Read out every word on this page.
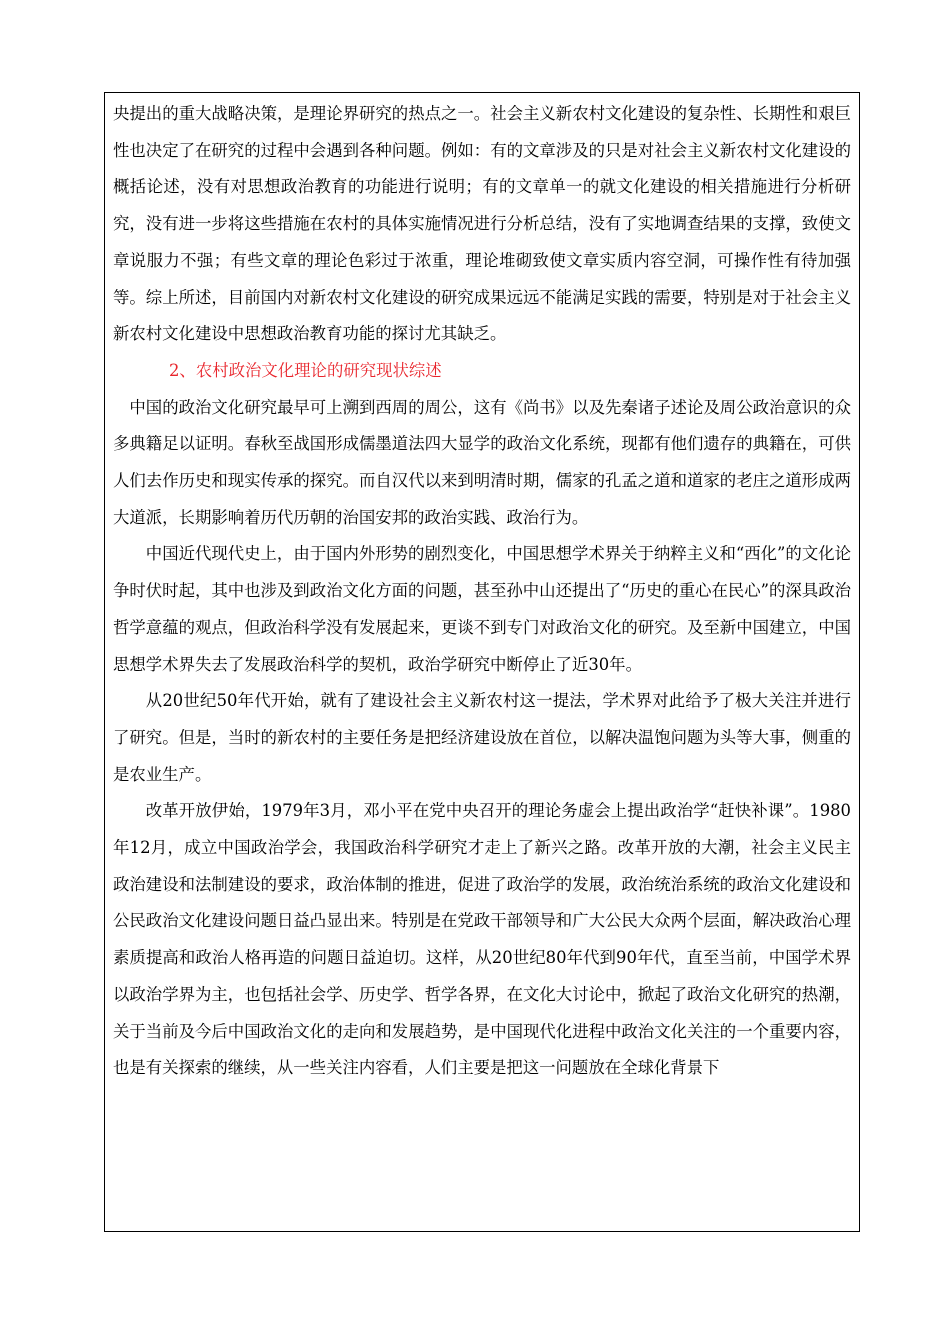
央提出的重大战略决策，是理论界研究的热点之一。社会主义新农村文化建设的复杂性、长期性和艰巨性也决定了在研究的过程中会遇到各种问题。例如：有的文章涉及的只是对社会主义新农村文化建设的概括论述，没有对思想政治教育的功能进行说明；有的文章单一的就文化建设的相关措施进行分析研究，没有进一步将这些措施在农村的具体实施情况进行分析总结，没有了实地调查结果的支撑，致使文章说服力不强；有些文章的理论色彩过于浓重，理论堆砌致使文章实质内容空洞，可操作性有待加强等。综上所述，目前国内对新农村文化建设的研究成果远远不能满足实践的需要，特别是对于社会主义新农村文化建设中思想政治教育功能的探讨尤其缺乏。

2、农村政治文化理论的研究现状综述

中国的政治文化研究最早可上溯到西周的周公，这有《尚书》以及先秦诸子述论及周公政治意识的众多典籍足以证明。春秋至战国形成儒墨道法四大显学的政治文化系统，现都有他们遗存的典籍在，可供人们去作历史和现实传承的探究。而自汉代以来到明清时期，儒家的孔孟之道和道家的老庄之道形成两大道派，长期影响着历代历朝的治国安邦的政治实践、政治行为。

中国近代现代史上，由于国内外形势的剧烈变化，中国思想学术界关于纳粹主义和“西化”的文化论争时伏时起，其中也涉及到政治文化方面的问题，甚至孙中山还提出了“历史的重心在民心”的深具政治哲学意蕴的观点，但政治科学没有发展起来，更谈不到专门对政治文化的研究。及至新中国建立，中国思想学术界失去了发展政治科学的契机，政治学研究中断停止了近30年。

从20世纪50年代开始，就有了建设社会主义新农村这一提法，学术界对此给予了极大关注并进行了研究。但是，当时的新农村的主要任务是把经济建设放在首位，以解决温饱问题为头等大事，侧重的是农业生产。

改革开放伊始，1979年3月，邓小平在党中央召开的理论务虚会上提出政治学“赶快补课”。1980年12月，成立中国政治学会，我国政治科学研究才走上了新兴之路。改革开放的大潮，社会主义民主政治建设和法制建设的要求，政治体制的推进，促进了政治学的发展，政治统治系统的政治文化建设和公民政治文化建设问题日益凸显出来。特别是在党政干部领导和广大公民大众两个层面，解决政治心理素质提高和政治人格再造的问题日益迫切。这样，从20世纪80年代到90年代，直至当前，中国学术界以政治学界为主，也包括社会学、历史学、哲学各界，在文化大讨论中，掀起了政治文化研究的热潮，关于当前及今后中国政治文化的走向和发展趋势，是中国现代化进程中政治文化关注的一个重要内容，也是有关探索的继续，从一些关注内容看，人们主要是把这一问题放在全球化背景下
